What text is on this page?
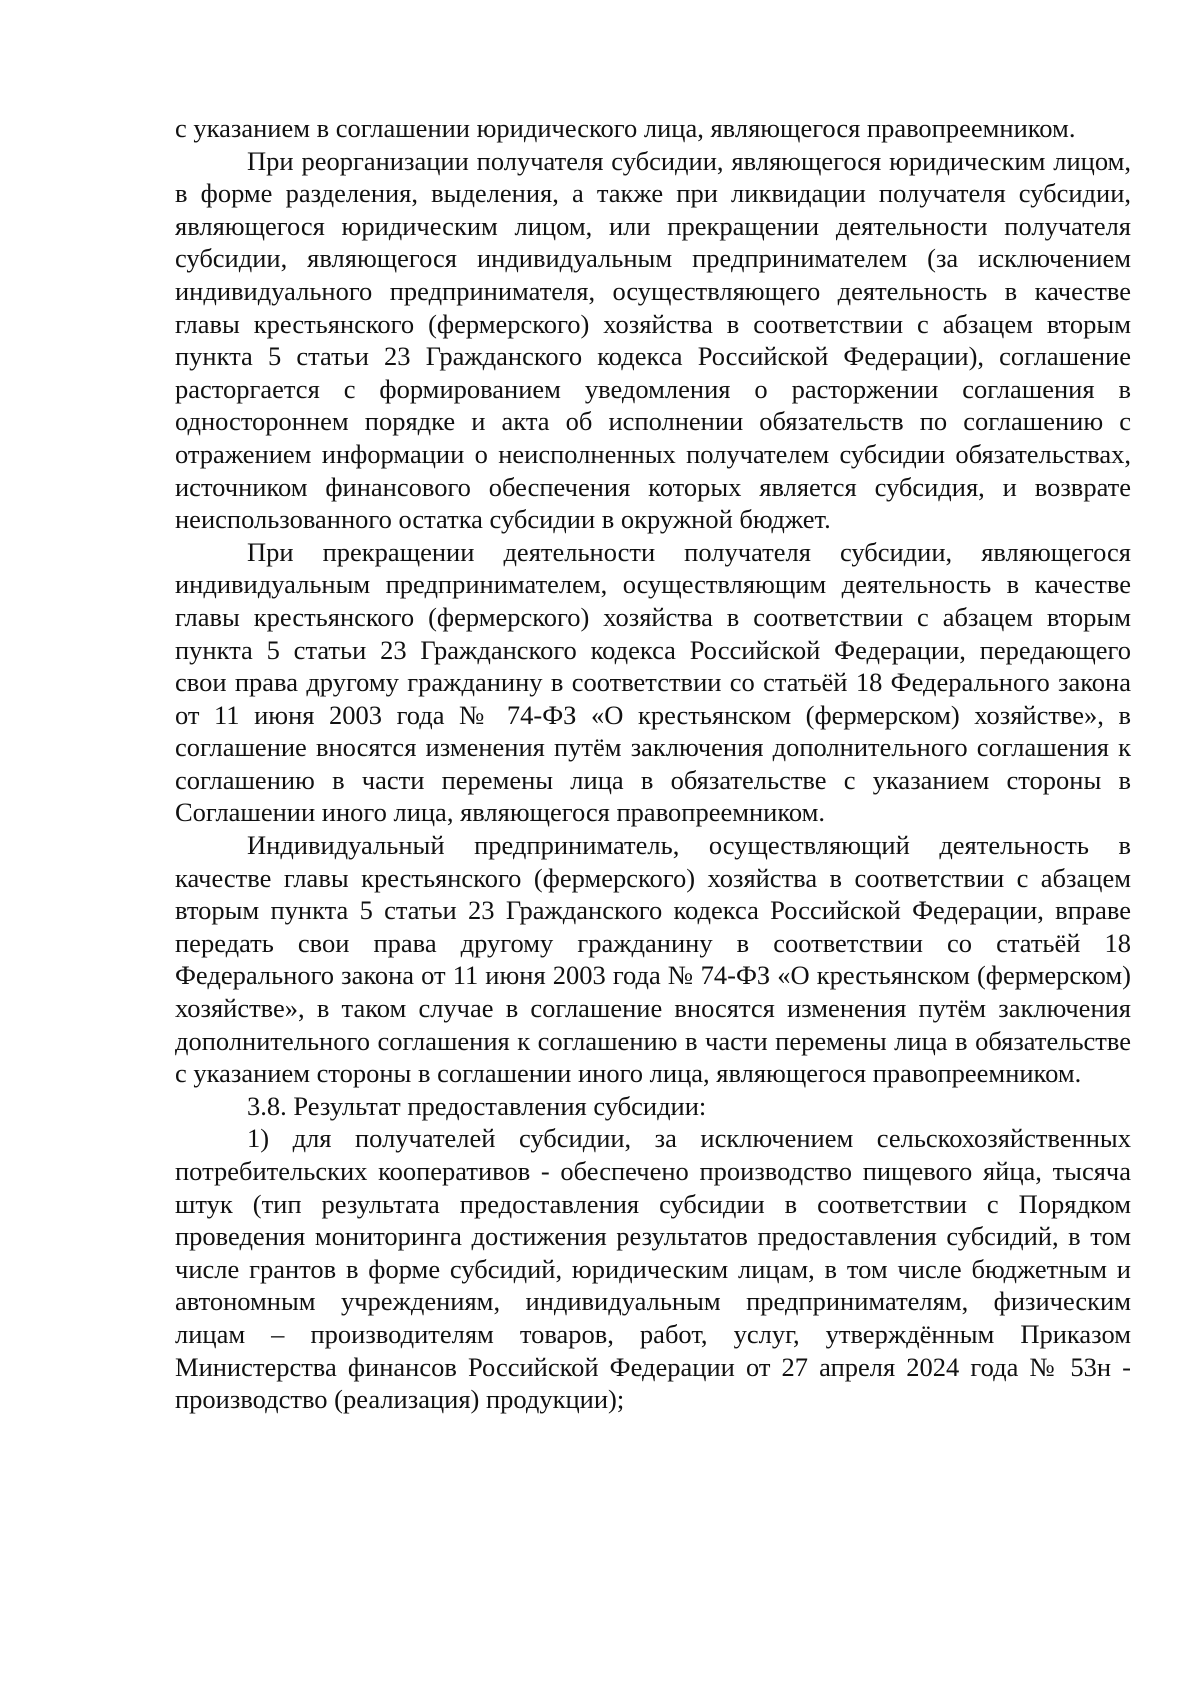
с указанием в соглашении юридического лица, являющегося правопреемником.

При реорганизации получателя субсидии, являющегося юридическим лицом, в форме разделения, выделения, а также при ликвидации получателя субсидии, являющегося юридическим лицом, или прекращении деятельности получателя субсидии, являющегося индивидуальным предпринимателем (за исключением индивидуального предпринимателя, осуществляющего деятельность в качестве главы крестьянского (фермерского) хозяйства в соответствии с абзацем вторым пункта 5 статьи 23 Гражданского кодекса Российской Федерации), соглашение расторгается с формированием уведомления о расторжении соглашения в одностороннем порядке и акта об исполнении обязательств по соглашению с отражением информации о неисполненных получателем субсидии обязательствах, источником финансового обеспечения которых является субсидия, и возврате неиспользованного остатка субсидии в окружной бюджет.

При прекращении деятельности получателя субсидии, являющегося индивидуальным предпринимателем, осуществляющим деятельность в качестве главы крестьянского (фермерского) хозяйства в соответствии с абзацем вторым пункта 5 статьи 23 Гражданского кодекса Российской Федерации, передающего свои права другому гражданину в соответствии со статьёй 18 Федерального закона от 11 июня 2003 года № 74-ФЗ «О крестьянском (фермерском) хозяйстве», в соглашение вносятся изменения путём заключения дополнительного соглашения к соглашению в части перемены лица в обязательстве с указанием стороны в Соглашении иного лица, являющегося правопреемником.

Индивидуальный предприниматель, осуществляющий деятельность в качестве главы крестьянского (фермерского) хозяйства в соответствии с абзацем вторым пункта 5 статьи 23 Гражданского кодекса Российской Федерации, вправе передать свои права другому гражданину в соответствии со статьёй 18 Федерального закона от 11 июня 2003 года № 74-ФЗ «О крестьянском (фермерском) хозяйстве», в таком случае в соглашение вносятся изменения путём заключения дополнительного соглашения к соглашению в части перемены лица в обязательстве с указанием стороны в соглашении иного лица, являющегося правопреемником.

3.8. Результат предоставления субсидии:

1) для получателей субсидии, за исключением сельскохозяйственных потребительских кооперативов - обеспечено производство пищевого яйца, тысяча штук (тип результата предоставления субсидии в соответствии с Порядком проведения мониторинга достижения результатов предоставления субсидий, в том числе грантов в форме субсидий, юридическим лицам, в том числе бюджетным и автономным учреждениям, индивидуальным предпринимателям, физическим лицам – производителям товаров, работ, услуг, утверждённым Приказом Министерства финансов Российской Федерации от 27 апреля 2024 года № 53н - производство (реализация) продукции);
